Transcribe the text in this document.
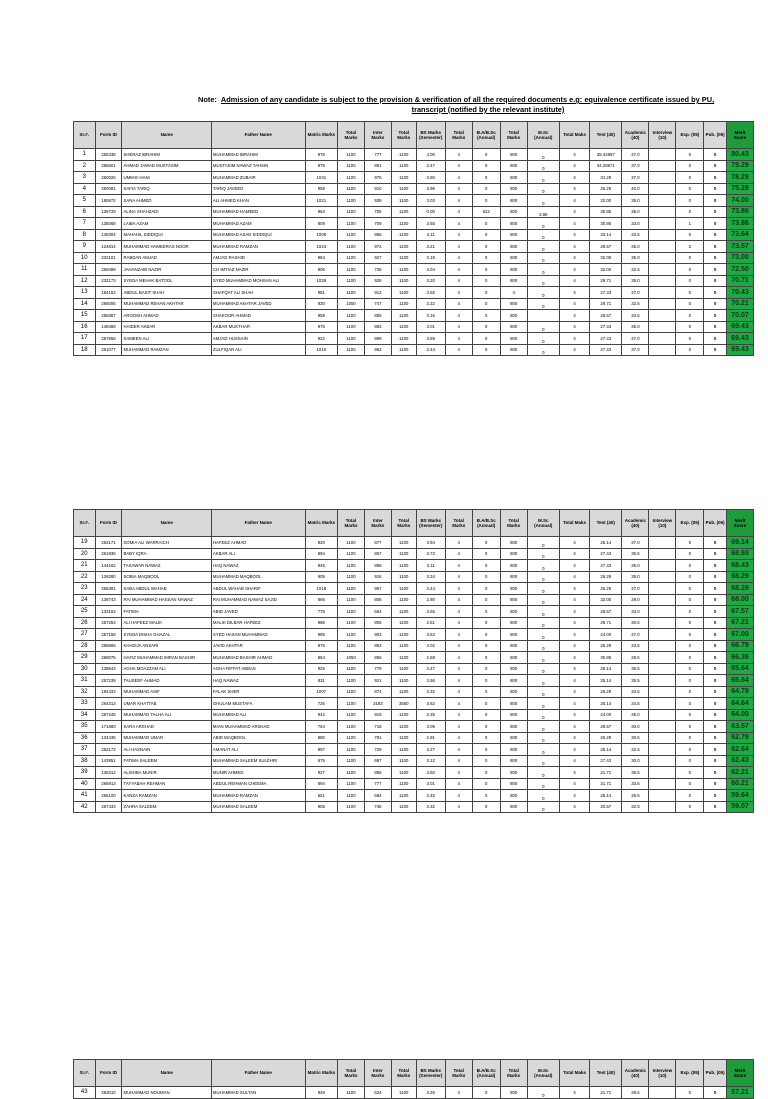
Note: Admission of any candidate is subject to the provision & verification of all the required documents e.g: equivalence certificate issued by PU,
transcript (notified by the relevant institute)
Sr.#.	Form ID	Name	Father Name	Matric Marks	Total Marks	Inter Marks	Total Marks	BS Marks (Semester)	Total Marks	B.A/B.Sc (Annual)	Total Marks	M.Sc (Annual)	Total Maks	Test (40)	Academic (40)	Interview (10)	Exp. (05)	Pub. (05)	Merit Score
1	255338	SHERAZ IBRAHIM	MUHAMMAD IBRAHIM	876	1100	777	1100	4.00	4	0	800	0	4	35.42857	37.0		0	0	80.43
2	255601	AHMAD JAWAD MUSTASIM	MUSTASIM NAWAZ TAHSIN	979	1100	881	1100	3.47	4	0	800	0	4	34.28571	37.0		0	0	79.29
3	260026	UMM-E-HANI	MUHAMMAD ZUBAIR	1041	1100	976	1100	3.50	4	0	800	0	4	34.29	37.0		0	0	78.29
4	260081	SAFIA TARIQ	TARIQ JAVEED	958	1100	910	1100	3.96	4	0	800	0	4	26.29	40.0		0	0	75.29
5	185972	SANA AHMED	ALI AHMED KHAN	1021	1100	939	1100	3.03	4	0	800	0	4	32.00	35.0		0	0	74.00
6	136729	ALINA SHAHZADI	MUHAMMAD HAMEED	963	1100	755	1100	0.00	4	522	800	3.88	4	30.86	35.0		0	0	73.86
7	135068	LAIBA AZAM	MUHAMMAD AZAM	809	1100	709	1100	3.55	4	0	800	0	4	30.86	33.0		1	0	73.86
8	148304	MAHAHIL SIDDIQUI	MUHAMMAD ASAD SIDDIQUI	1008	1100	866	1100	3.11	4	0	800	0	4	33.14	33.5		0	0	73.64
9	124814	MUHAMMAD HAMEERAS NOOR	MUHAMMAD RAMZAN	1024	1100	972	1100	3.21	4	0	800	0	4	28.57	35.0		2	0	73.57
10	232101	RABDAN AMJAD	AMJAD RASHID	984	1100	927	1100	3.19	4	0	800	0	4	32.00	35.0		0	0	73.00
11	269499	JAHANZAIB NAZIR	CH IMTIAZ NAZIR	906	1100	735	1100	3.04	4	0	800	0	4	32.00	32.5		0	0	72.50
12	232173	SYEDA MEHAK BATOOL	SYED MUHAMMAD MOHSAN ALI	1028	1100	926	1100	3.20	4	0	800	0	4	29.71	35.0		0	0	70.71
13	184152	ABDUL BASIT SHAH	SHAFQAT ALI SHAH	981	1100	913	1100	3.55	4	0	4	0	4	27.43	37.0		0	0	70.43
14	266006	MUHAMMAD REHAN AKHTAR	MUHAMMAD AKHTAR JAVED	930	1050	747	1100	3.22	4	0	800	0	4	29.71	32.5		0	0	70.21
15	258387	AROOSH AHMAD	SHAKOOR AHMAD	958	1100	855	1100	3.16	4	0	800		4	28.57	33.5		0	0	70.07
16	148468	HAIDER AKBAR	AKBAR MUKTHAR	975	1100	883	1100	3.01	4	0	800	0	4	27.43	35.0		0	0	69.43
17	257655	SAMEEN ALI	AMJAD HUSSAIN	922	1100	899	1100	3.69	4	0	800	0	4	27.43	37.0		0	0	69.43
18	261077	MUHAMMAD RAMZAN	ZULFIQAR ALI	1010	1100	962	1100	3.44	4	0	800	0	4	27.43	37.0		0	0	69.43
Sr.#.	Form ID	Name	Father Name	Matric Marks	Total Marks	Inter Marks	Total Marks	BS Marks (Semester)	Total Marks	B.A/B.Sc (Annual)	Total Marks	M.Sc (Annual)	Total Maks	Test (40)	Academic (40)	Interview (10)	Exp. (05)	Pub. (05)	Merit Score
19	262171	SOMIA ALI WARRAICH	HAFEEZ AHMAD	820	1100	877	1100	3.94	4	0	800	0	4	25.14	37.0		0	0	69.14
20	261836	BABY IQRA	AKBAR ALI	894	1100	867	1100	3.73	4	0	800	0	4	27.43	35.5		0	0	68.93
21	144162	TASAWAR NAWAZ	HAQ NAWAZ	945	1100	898	1100	3.11	4	0	800	0	4	27.43	35.0		0	0	68.43
22	136280	SOBIA MAQBOOL	MUHAMMAD MAQBOOL	905	1100	916	1100	3.34	4	0	800	0	4	26.29	35.0		0	0	68.29
23	256391	SABA ABDUL WAHAB	ABDUL WAHAB SHARIF	1018	1100	957	1100	3.44	4	0	800	0	4	26.29	37.0		0	0	68.29
24	138743	RAI MUHAMMAD HASSAN NAWAZ	RAI MUHAMMAD NAWAZ SAJID	866	1100	806	1100	2.80	4	0	800	0	4	32.00	29.0		0	0	68.00
25	133163	FATIMA	ABID JAVED	775	1100	664	1100	3.55	4	0	800	0	4	28.57	33.0		0	0	67.57
26	257253	ALI HAFEEZ MALIK	MALIK DILBAR HAFEEZ	986	1100	805	1100	2.81	4	0	800	0	4	29.71	30.5		0	0	67.21
27	257165	SYEDA DISHA GHAZAL	SYED HASAN MUHAMMAD	985	1100	903	1100	3.63	4	0	800	0	4	24.00	37.0		0	0	67.00
28	255565	KHADIJA ANSARI	JAVID AKHTAR	976	1100	853	1100	3.02	4	0	800	0	4	26.29	33.5		0	0	66.79
29	268075	HAFIZ MUHAMMAD IMRAN BASHIR	MUHAMMAD BASHIR AHMAD	864	1050	866	1100	2.68	4	0	800	0	4	30.86	28.5		0	0	66.36
30	138543	AGHA MOAZZAM ALI	AGHA RIFFAT ABBAS	925	1100	778	1100	3.47	4	0	800	0	4	25.14	35.5		0	0	65.64
31	257239	TAUSEEF AHMAD	HAQ NAWAZ	831	1100	921	1100	3.56	4	0	800	0	4	25.14	35.5		0	0	65.64
32	194333	MUHAMMAD ASIF	FALAK SHER	1007	1100	874	1100	3.32	4	0	800	0	4	26.29	33.5		0	0	64.79
33	264313	UMAR KHATTAB	GHULAM MUSTAFA	726	1100	3193	3550	3.62	4	0	800	0	4	25.14	34.5		0	0	64.64
34	257245	MUHAMMAD TALHA ALI	MUHAMMAD ALI	942	1100	919	1100	3.35	4	0	800	0	4	24.00	35.0		0	0	64.00
35	171880	SARA ARSHAD	MIAN MUHAMMAD ARSHAD	764	1100	718	1100	3.09	4	0	800	0	4	28.57	30.0		0	0	63.57
36	134435	MUHAMMAD UMAR	ABID MAQBOOL	880	1100	781	1100	2.91	4	0	800	0	4	26.29	30.5		0	0	62.79
37	262172	ALI HASNAIN	AMANAT ALI	997	1100	729	1100	3.27	4	0	800	0	4	25.14	32.5		0	0	62.64
38	143951	FATIMA SALEEM	MUHAMMAD SALEEM SULEHRI	675	1100	697	1100	3.12	4	0	800	0	4	27.43	30.0		0	0	62.43
39	136312	ALISHBA MUNIR	MUNIR AHMED	927	1100	856	1100	3.60	4	0	800	0	4	21.71	35.5		0	0	62.21
40	266913	TAYYABAH REHMAN	ABDUL REHMAN CHEEMA	894	1100	777	1100	3.01	4	0	800	0	4	21.71	33.5		0	0	60.21
41	265100	KANZA RAMZAN	MUHAMMAD RAMZAN	651	1100	684	1100	3.45	4	0	800	0	4	25.14	29.5		0	0	59.64
42	267433	ZAHRA SALEEM	MUHAMMAD SALEEM	905	1100	746	1100	3.32	4	0	800	0	4	20.57	32.5		0	0	59.07
Sr.#.	Form ID	Name	Father Name	Matric Marks	Total Marks	Inter Marks	Total Marks	BS Marks (Semester)	Total Marks	B.A/B.Sc (Annual)	Total Marks	M.Sc (Annual)	Total Maks	Test (40)	Academic (40)	Interview (10)	Exp. (05)	Pub. (05)	Merit Score
43	263010	MUHAMMAD NOUMAN	MUHAMMAD SULTAN	849	1100	624	1100	3.26	4	0	800	0	4	21.71	28.5		0	0	57.21
